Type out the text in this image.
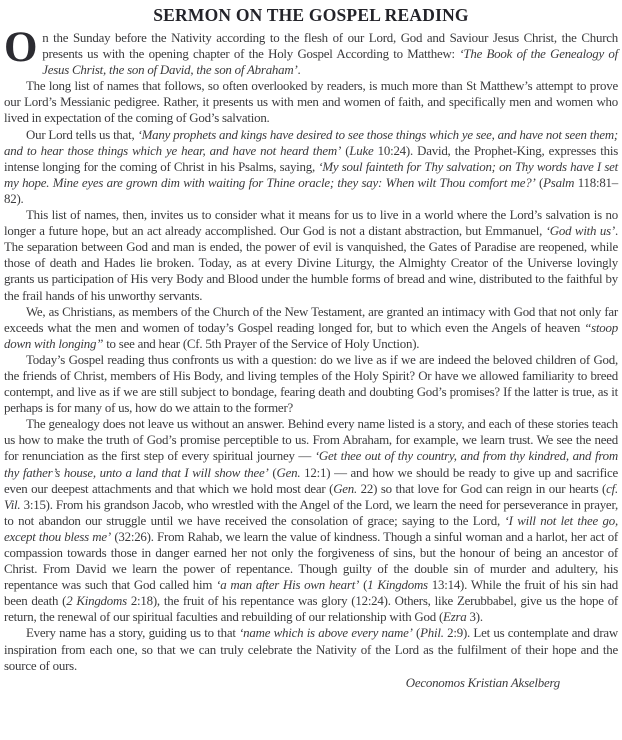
SERMON ON THE GOSPEL READING

On the Sunday before the Nativity according to the flesh of our Lord, God and Saviour Jesus Christ, the Church presents us with the opening chapter of the Holy Gospel According to Matthew: ‘The Book of the Genealogy of Jesus Christ, the son of David, the son of Abraham’.

The long list of names that follows, so often overlooked by readers, is much more than St Matthew’s attempt to prove our Lord’s Messianic pedigree. Rather, it presents us with men and women of faith, and specifically men and women who lived in expectation of the coming of God’s salvation.

Our Lord tells us that, ‘Many prophets and kings have desired to see those things which ye see, and have not seen them; and to hear those things which ye hear, and have not heard them’ (Luke 10:24). David, the Prophet-King, expresses this intense longing for the coming of Christ in his Psalms, saying, ‘My soul fainteth for Thy salvation; on Thy words have I set my hope. Mine eyes are grown dim with waiting for Thine oracle; they say: When wilt Thou comfort me?’ (Psalm 118:81–82).

This list of names, then, invites us to consider what it means for us to live in a world where the Lord’s salvation is no longer a future hope, but an act already accomplished. Our God is not a distant abstraction, but Emmanuel, ‘God with us’. The separation between God and man is ended, the power of evil is vanquished, the Gates of Paradise are reopened, while those of death and Hades lie broken. Today, as at every Divine Liturgy, the Almighty Creator of the Universe lovingly grants us participation of His very Body and Blood under the humble forms of bread and wine, distributed to the faithful by the frail hands of his unworthy servants.

We, as Christians, as members of the Church of the New Testament, are granted an intimacy with God that not only far exceeds what the men and women of today’s Gospel reading longed for, but to which even the Angels of heaven “stoop down with longing” to see and hear (Cf. 5th Prayer of the Service of Holy Unction).

Today’s Gospel reading thus confronts us with a question: do we live as if we are indeed the beloved children of God, the friends of Christ, members of His Body, and living temples of the Holy Spirit? Or have we allowed familiarity to breed contempt, and live as if we are still subject to bondage, fearing death and doubting God’s promises? If the latter is true, as it perhaps is for many of us, how do we attain to the former?

The genealogy does not leave us without an answer. Behind every name listed is a story, and each of these stories teach us how to make the truth of God’s promise perceptible to us. From Abraham, for example, we learn trust. We see the need for renunciation as the first step of every spiritual journey — ‘Get thee out of thy country, and from thy kindred, and from thy father’s house, unto a land that I will show thee’ (Gen. 12:1) — and how we should be ready to give up and sacrifice even our deepest attachments and that which we hold most dear (Gen. 22) so that love for God can reign in our hearts (cf. Vil. 3:15). From his grandson Jacob, who wrestled with the Angel of the Lord, we learn the need for perseverance in prayer, to not abandon our struggle until we have received the consolation of grace; saying to the Lord, ‘I will not let thee go, except thou bless me’ (32:26). From Rahab, we learn the value of kindness. Though a sinful woman and a harlot, her act of compassion towards those in danger earned her not only the forgiveness of sins, but the honour of being an ancestor of Christ. From David we learn the power of repentance. Though guilty of the double sin of murder and adultery, his repentance was such that God called him ‘a man after His own heart’ (1 Kingdoms 13:14). While the fruit of his sin had been death (2 Kingdoms 2:18), the fruit of his repentance was glory (12:24). Others, like Zerubbabel, give us the hope of return, the renewal of our spiritual faculties and rebuilding of our relationship with God (Ezra 3).

Every name has a story, guiding us to that ‘name which is above every name’ (Phil. 2:9). Let us contemplate and draw inspiration from each one, so that we can truly celebrate the Nativity of the Lord as the fulfilment of their hope and the source of ours.

Oeconomos Kristian Akselberg
